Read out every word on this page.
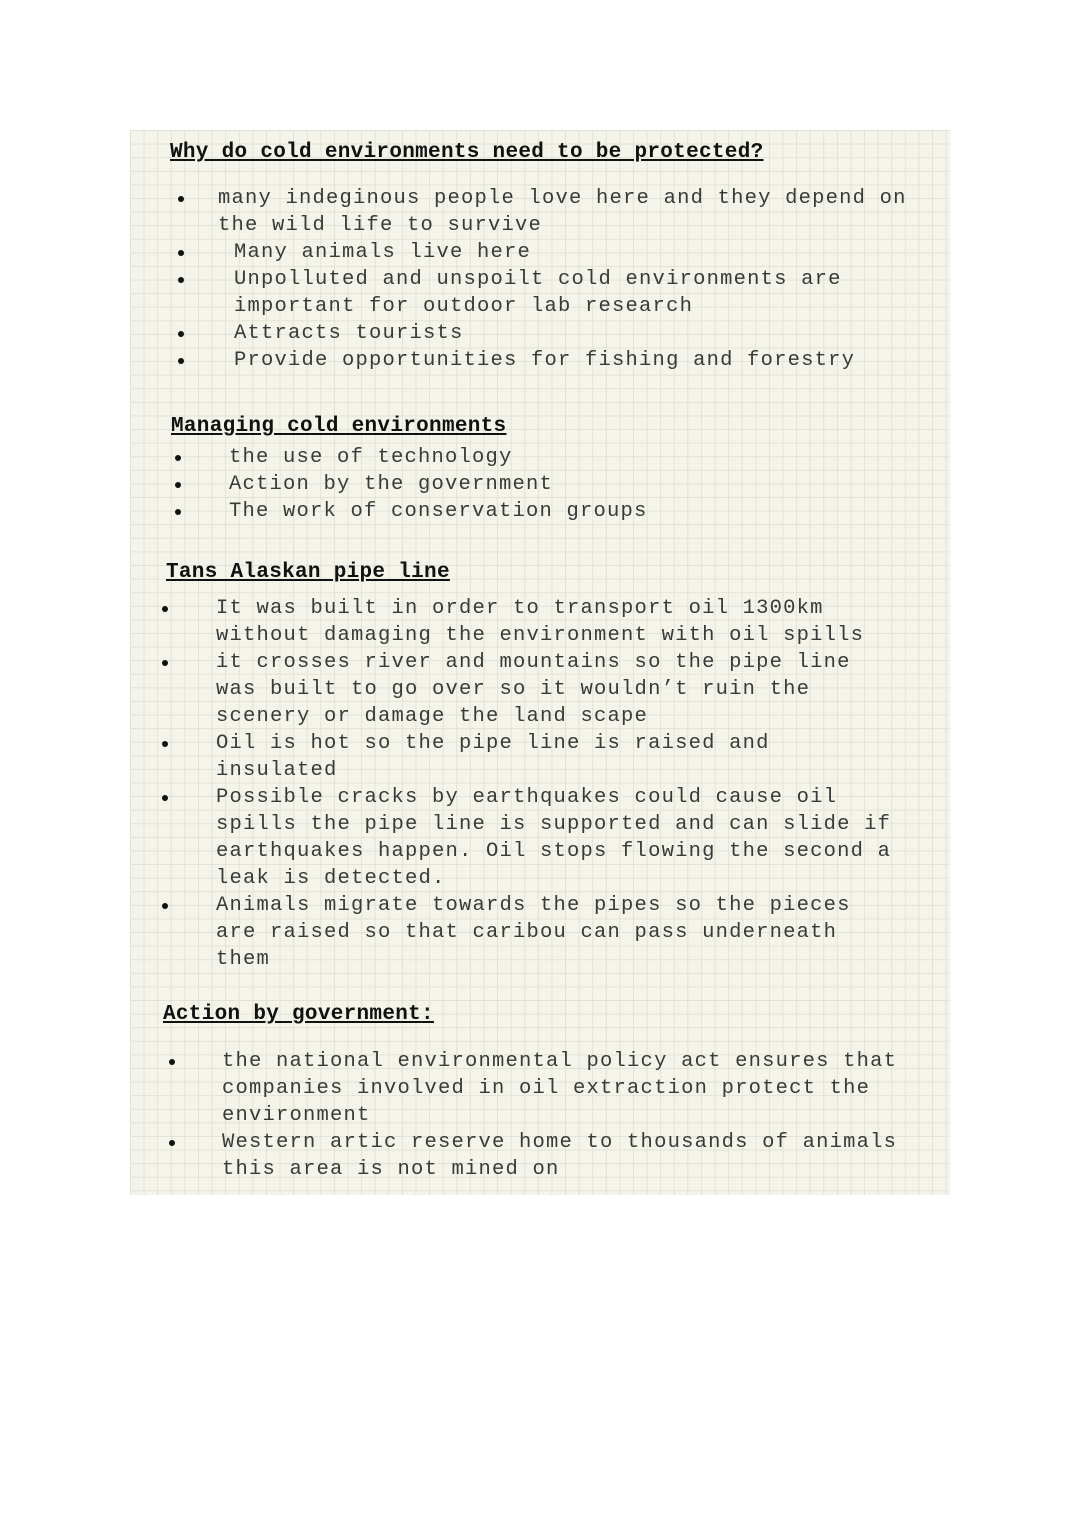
Why do cold environments need to be protected?
many indeginous people love here and they depend on
the wild life to survive
Many animals live here
Unpolluted and unspoilt cold environments are
important for outdoor lab research
Attracts tourists
Provide opportunities for fishing and forestry
Managing cold environments
the use of technology
Action by the government
The work of conservation groups
Tans Alaskan pipe line
It was built in order to transport oil 1300km
without damaging the environment with oil spills
it crosses river and mountains so the pipe line
was built to go over so it wouldn’t ruin the
scenery or damage the land scape
Oil is hot so the pipe line is raised and
insulated
Possible cracks by earthquakes could cause oil
spills the pipe line is supported and can slide if
earthquakes happen. Oil stops flowing the second a
leak is detected.
Animals migrate towards the pipes so the pieces
are raised so that caribou can pass underneath
them
Action by government:
the national environmental policy act ensures that
companies involved in oil extraction protect the
environment
Western artic reserve home to thousands of animals
this area is not mined on
